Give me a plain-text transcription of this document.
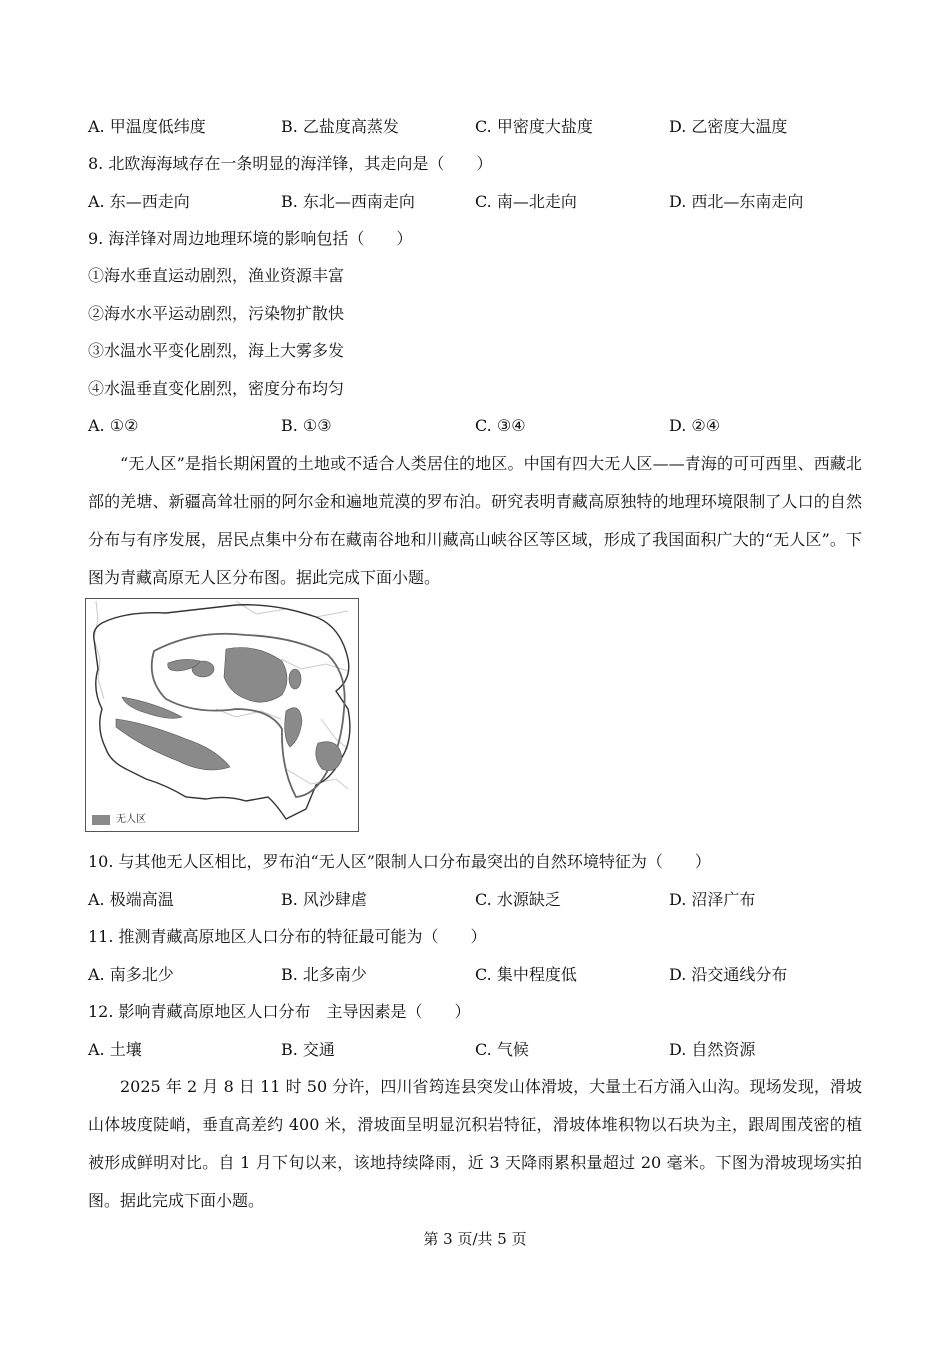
A. 甲温度低纬度	B. 乙盐度高蒸发	C. 甲密度大盐度	D. 乙密度大温度
8. 北欧海海域存在一条明显的海洋锋，其走向是（　　）
A. 东—西走向	B. 东北—西南走向	C. 南—北走向	D. 西北—东南走向
9. 海洋锋对周边地理环境的影响包括（　　）
①海水垂直运动剧烈，渔业资源丰富
②海水水平运动剧烈，污染物扩散快
③水温水平变化剧烈，海上大雾多发
④水温垂直变化剧烈，密度分布均匀
A. ①②	B. ①③	C. ③④	D. ②④
“无人区”是指长期闲置的土地或不适合人类居住的地区。中国有四大无人区——青海的可可西里、西藏北部的羌塘、新疆高耸壮丽的阿尔金和遍地荒漠的罗布泊。研究表明青藏高原独特的地理环境限制了人口的自然分布与有序发展，居民点集中分布在藏南谷地和川藏高山峡谷区等区域，形成了我国面积广大的“无人区”。下图为青藏高原无人区分布图。据此完成下面小题。
无人区
10. 与其他无人区相比，罗布泊“无人区”限制人口分布最突出的自然环境特征为（　　）
A. 极端高温	B. 风沙肆虐	C. 水源缺乏	D. 沼泽广布
11. 推测青藏高原地区人口分布的特征最可能为（　　）
A. 南多北少	B. 北多南少	C. 集中程度低	D. 沿交通线分布
12. 影响青藏高原地区人口分布　主导因素是（　　）
A. 土壤	B. 交通	C. 气候	D. 自然资源
2025 年 2 月 8 日 11 时 50 分许，四川省筠连县突发山体滑坡，大量土石方涌入山沟。现场发现，滑坡山体坡度陡峭，垂直高差约 400 米，滑坡面呈明显沉积岩特征，滑坡体堆积物以石块为主，跟周围茂密的植被形成鲜明对比。自 1 月下旬以来，该地持续降雨，近 3 天降雨累积量超过 20 毫米。下图为滑坡现场实拍图。据此完成下面小题。
第 3 页/共 5 页
